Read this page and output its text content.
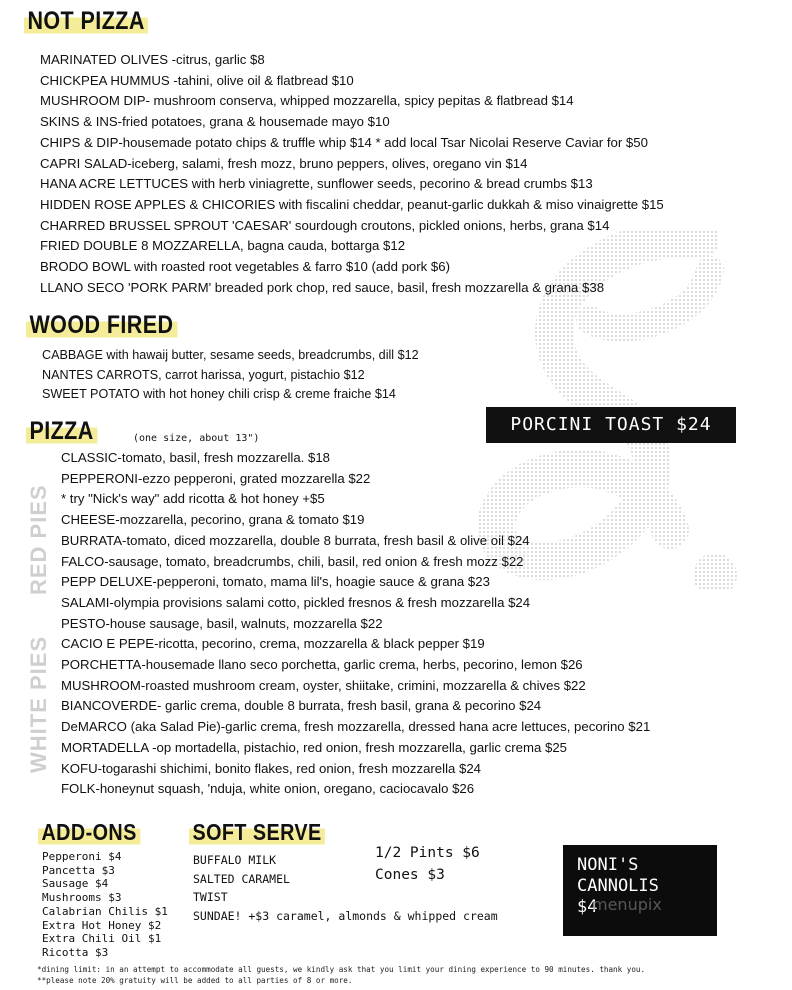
NOT PIZZA
MARINATED OLIVES -citrus, garlic $8
CHICKPEA HUMMUS -tahini, olive oil & flatbread $10
MUSHROOM DIP- mushroom conserva, whipped mozzarella, spicy pepitas & flatbread $14
SKINS & INS-fried potatoes, grana & housemade mayo $10
CHIPS & DIP-housemade potato chips & truffle whip $14 * add local Tsar Nicolai Reserve Caviar for $50
CAPRI SALAD-iceberg, salami, fresh mozz, bruno peppers, olives, oregano vin $14
HANA ACRE LETTUCES with herb viniagrette, sunflower seeds, pecorino & bread crumbs $13
HIDDEN ROSE APPLES & CHICORIES with fiscalini cheddar, peanut-garlic dukkah & miso vinaigrette $15
CHARRED BRUSSEL SPROUT 'CAESAR' sourdough croutons, pickled onions, herbs, grana $14
FRIED DOUBLE 8 MOZZARELLA, bagna cauda, bottarga $12
BRODO BOWL with roasted root vegetables & farro $10 (add pork $6)
LLANO SECO 'PORK PARM' breaded pork chop, red sauce, basil, fresh mozzarella & grana $38
WOOD FIRED
CABBAGE with hawaij butter, sesame seeds, breadcrumbs, dill $12
NANTES CARROTS, carrot harissa, yogurt, pistachio $12
SWEET POTATO with hot honey chili crisp & creme fraiche $14
PORCINI TOAST $24
PIZZA	(one size, about 13")
RED PIES
WHITE PIES
CLASSIC-tomato, basil, fresh mozzarella. $18
PEPPERONI-ezzo pepperoni, grated mozzarella $22
* try "Nick's way" add ricotta & hot honey +$5
CHEESE-mozzarella, pecorino, grana & tomato $19
BURRATA-tomato, diced mozzarella, double 8 burrata, fresh basil & olive oil $24
FALCO-sausage, tomato, breadcrumbs, chili, basil, red onion & fresh mozz $22
PEPP DELUXE-pepperoni, tomato, mama lil's, hoagie sauce & grana $23
SALAMI-olympia provisions salami cotto, pickled fresnos & fresh mozzarella $24
PESTO-house sausage, basil, walnuts, mozzarella $22
CACIO E PEPE-ricotta, pecorino, crema, mozzarella & black pepper $19
PORCHETTA-housemade llano seco porchetta, garlic crema, herbs, pecorino, lemon $26
MUSHROOM-roasted mushroom cream, oyster, shiitake, crimini, mozzarella & chives $22
BIANCOVERDE- garlic crema, double 8 burrata, fresh basil, grana & pecorino $24
DeMARCO (aka Salad Pie)-garlic crema, fresh mozzarella, dressed hana acre lettuces, pecorino $21
MORTADELLA -op mortadella, pistachio, red onion, fresh mozzarella, garlic crema $25
KOFU-togarashi shichimi, bonito flakes, red onion, fresh mozzarella $24
FOLK-honeynut squash, 'nduja, white onion, oregano, caciocavalo $26
ADD-ONS
Pepperoni $4
Pancetta $3
Sausage $4
Mushrooms $3
Calabrian Chilis $1
Extra Hot Honey $2
Extra Chili Oil $1
Ricotta $3
SOFT SERVE
BUFFALO MILK
SALTED CARAMEL
TWIST
SUNDAE! +$3 caramel, almonds & whipped cream
1/2 Pints $6
Cones $3	NONI'S
CANNOLIS
$4
menupix
*dining limit: in an attempt to accommodate all guests, we kindly ask that you limit your dining experience to 90 minutes. thank you.
**please note 20% gratuity will be added to all parties of 8 or more.
